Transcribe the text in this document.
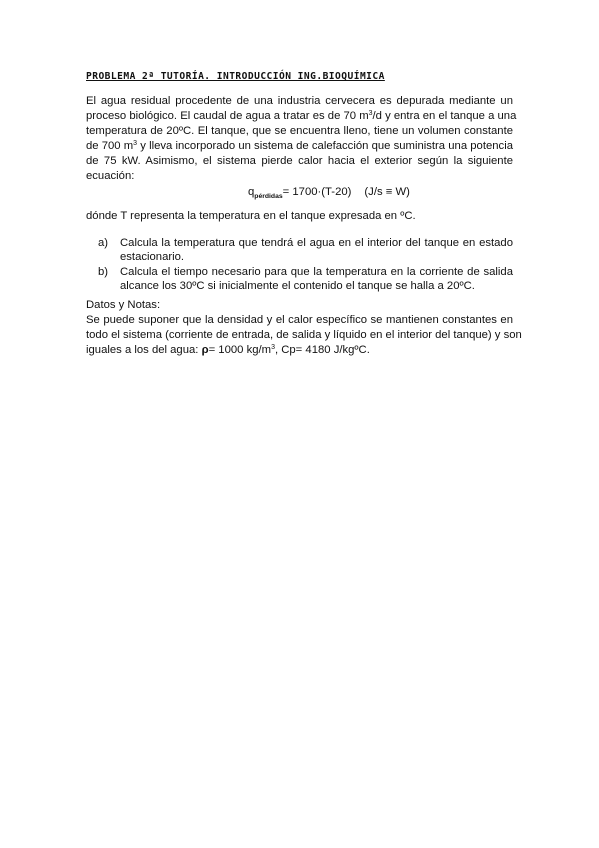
PROBLEMA 2ª TUTORÍA. INTRODUCCIÓN ING.BIOQUÍMICA
El agua residual procedente de una industria cervecera es depurada mediante un
proceso biológico. El caudal de agua a tratar es de 70 $m^3/d$ y entra en el tanque a una
temperatura de 20ºC. El tanque, que se encuentra lleno, tiene un volumen constante
de 700 $m^3$ y lleva incorporado un sistema de calefacción que suministra una potencia
de 75 kW. Asimismo, el sistema pierde calor hacia el exterior según la siguiente
ecuación:
$q_{pérdidas}= 1700\cdot(T-20) (J/s \equiv W)$
dónde T representa la temperatura en el tanque expresada en ºC.
a) Calcula la temperatura que tendrá el agua en el interior del tanque en estado
estacionario.
b) Calcula el tiempo necesario para que la temperatura en la corriente de salida
alcance los 30ºC si inicialmente el contenido el tanque se halla a 20ºC.
Datos y Notas:
Se puede suponer que la densidad y el calor específico se mantienen constantes en
todo el sistema (corriente de entrada, de salida y líquido en el interior del tanque) y son
iguales a los del agua: ρ= 1000 $kg/m^3$, Cp= 4180 J/kgºC.
